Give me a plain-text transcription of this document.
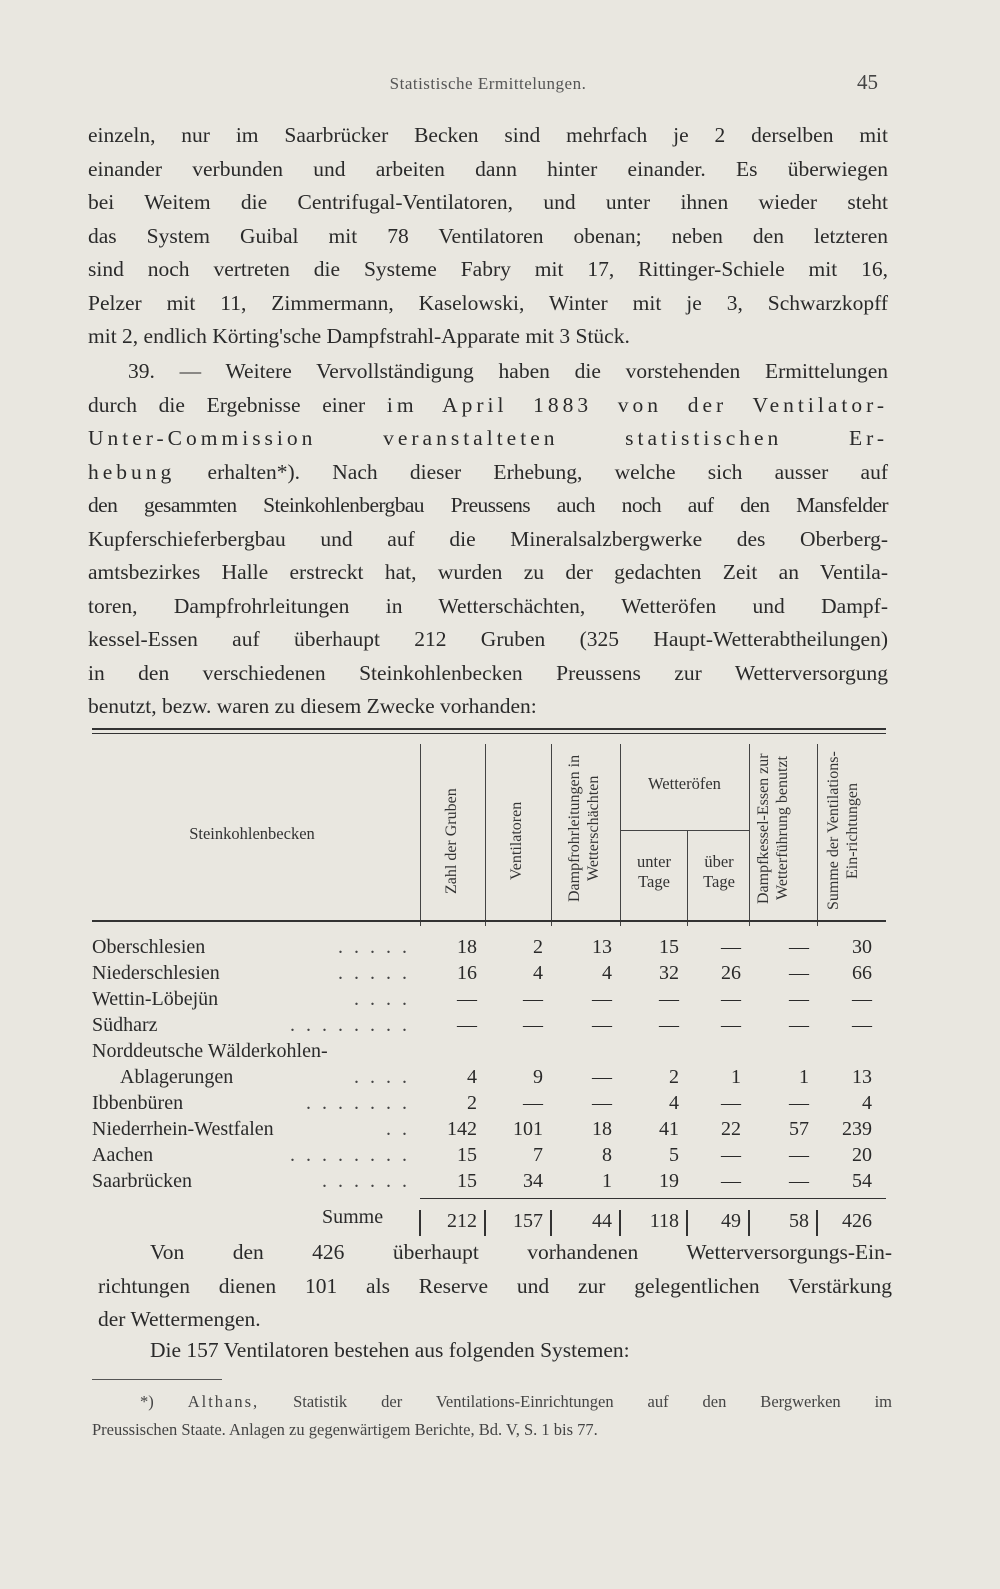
Statistische Ermittelungen.	45
einzeln, nur im Saarbrücker Becken sind mehrfach je 2 derselben mit
einander verbunden und arbeiten dann hinter einander. Es überwiegen
bei Weitem die Centrifugal-Ventilatoren, und unter ihnen wieder steht
das System Guibal mit 78 Ventilatoren obenan; neben den letzteren
sind noch vertreten die Systeme Fabry mit 17, Rittinger-Schiele mit 16,
Pelzer mit 11, Zimmermann, Kaselowski, Winter mit je 3, Schwarzkopff
mit 2, endlich Körting'sche Dampfstrahl-Apparate mit 3 Stück.
39. — Weitere Vervollständigung haben die vorstehenden Ermittelungen
durch die Ergebnisse einer im April 1883 von der Ventilator-
Unter-Commission veranstalteten statistischen Er-
hebung erhalten*). Nach dieser Erhebung, welche sich ausser auf
den gesammten Steinkohlenbergbau Preussens auch noch auf den Mansfelder
Kupferschieferbergbau und auf die Mineralsalzbergwerke des Oberberg-
amtsbezirkes Halle erstreckt hat, wurden zu der gedachten Zeit an Ventila-
toren, Dampfrohrleitungen in Wetterschächten, Wetteröfen und Dampf-
kessel-Essen auf überhaupt 212 Gruben (325 Haupt-Wetterabtheilungen)
in den verschiedenen Steinkohlenbecken Preussens zur Wetterversorgung
benutzt, bezw. waren zu diesem Zwecke vorhanden:
Steinkohlenbecken	Zahl der Gruben	Ventilatoren	Dampfrohrleitungen in Wetterschächten	Wetteröfen
unter Tage
über Tage	Dampfkessel-Essen zur Wetterführung benutzt	Summe der Ventilations-Ein-richtungen
Oberschlesien	. . . . .	18	2	13	15	—	—	30
Niederschlesien	. . . . .	16	4	4	32	26	—	66
Wettin-Löbejün	. . . .	—	—	—	—	—	—	—
Südharz	. . . . . . . .	—	—	—	—	—	—	—
Norddeutsche Wälderkohlen-
Ablagerungen	. . . .	4	9	—	2	1	1	13
Ibbenbüren	. . . . . . .	2	—	—	4	—	—	4
Niederrhein-Westfalen	. .	142	101	18	41	22	57	239
Aachen	. . . . . . . .	15	7	8	5	—	—	20
Saarbrücken	. . . . . .	15	34	1	19	—	—	54
Summe	212	157	44	118	49	58	426
Von den 426 überhaupt vorhandenen Wetterversorgungs-Ein-
richtungen dienen 101 als Reserve und zur gelegentlichen Verstärkung
der Wettermengen.
Die 157 Ventilatoren bestehen aus folgenden Systemen:
*) Althans, Statistik der Ventilations-Einrichtungen auf den Bergwerken im
Preussischen Staate. Anlagen zu gegenwärtigem Berichte, Bd. V, S. 1 bis 77.
